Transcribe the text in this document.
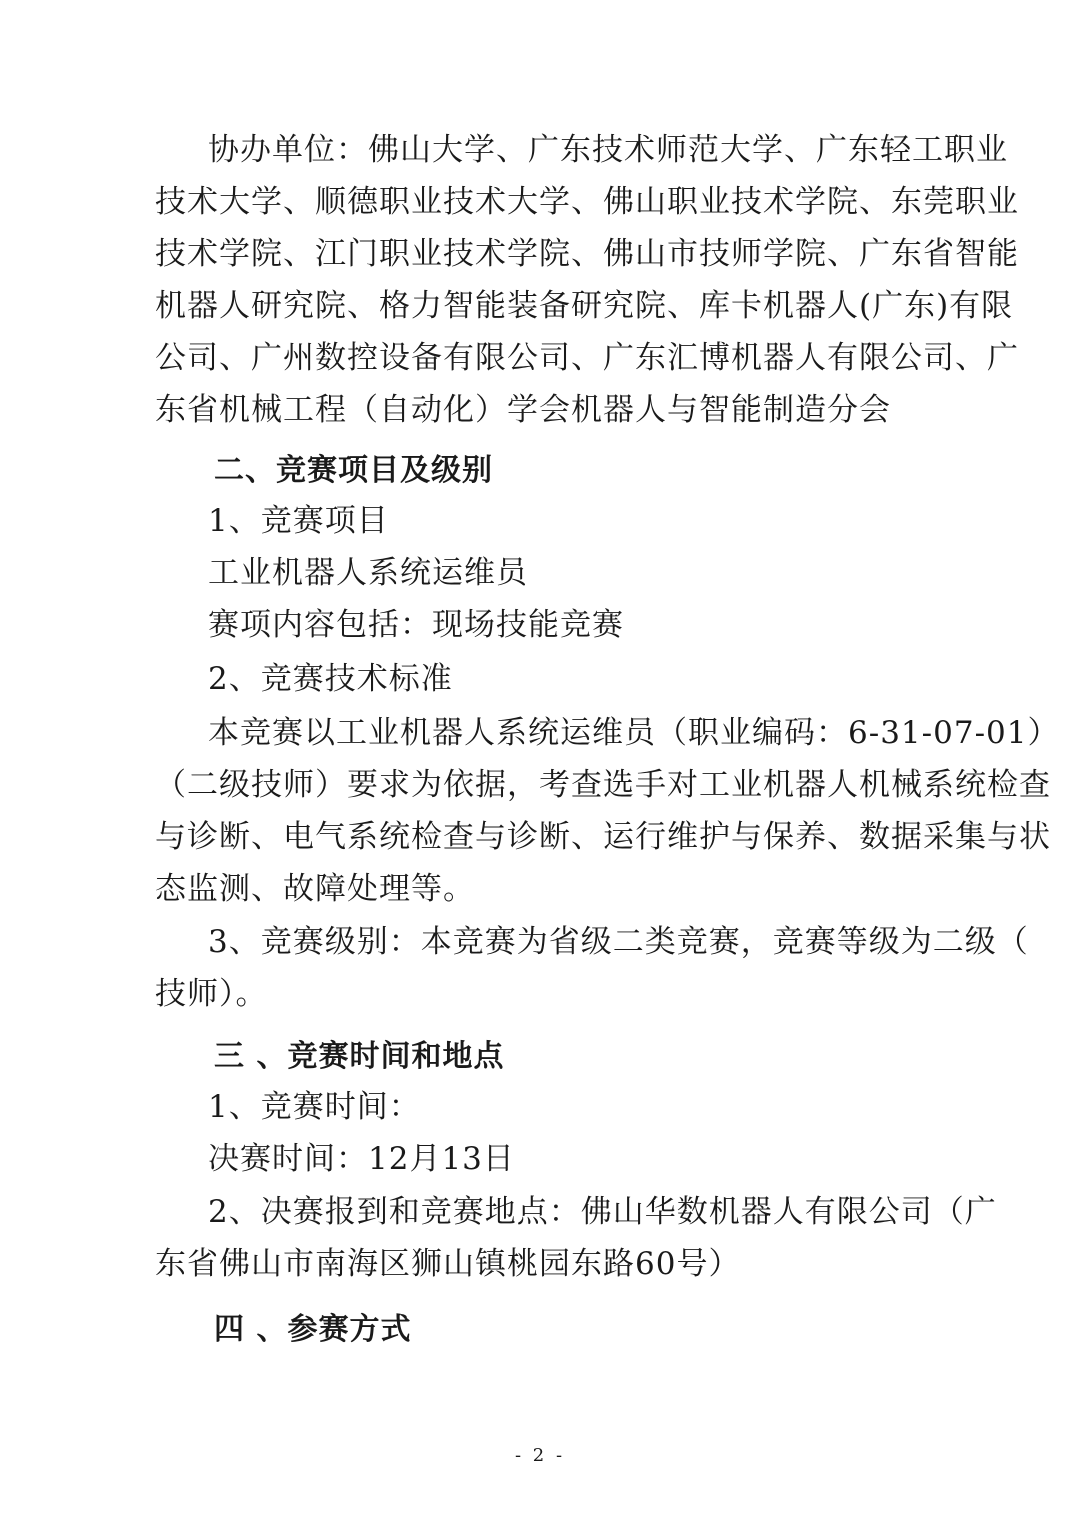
协办单位：佛山大学、广东技术师范大学、广东轻工职业
技术大学、顺德职业技术大学、佛山职业技术学院、东莞职业
技术学院、江门职业技术学院、佛山市技师学院、广东省智能
机器人研究院、格力智能装备研究院、库卡机器人(广东)有限
公司、广州数控设备有限公司、广东汇博机器人有限公司、广
东省机械工程（自动化）学会机器人与智能制造分会
二、竞赛项目及级别
1、竞赛项目
工业机器人系统运维员
赛项内容包括：现场技能竞赛
2、竞赛技术标准
本竞赛以工业机器人系统运维员（职业编码：6-31-07-01）
（二级技师）要求为依据，考查选手对工业机器人机械系统检查
与诊断、电气系统检查与诊断、运行维护与保养、数据采集与状
态监测、故障处理等。
3、竞赛级别：本竞赛为省级二类竞赛，竞赛等级为二级（
技师）。
三 、竞赛时间和地点
1、竞赛时间：
决赛时间：12月13日
2、决赛报到和竞赛地点：佛山华数机器人有限公司（广
东省佛山市南海区狮山镇桃园东路60号）
四 、参赛方式
- 2 -
